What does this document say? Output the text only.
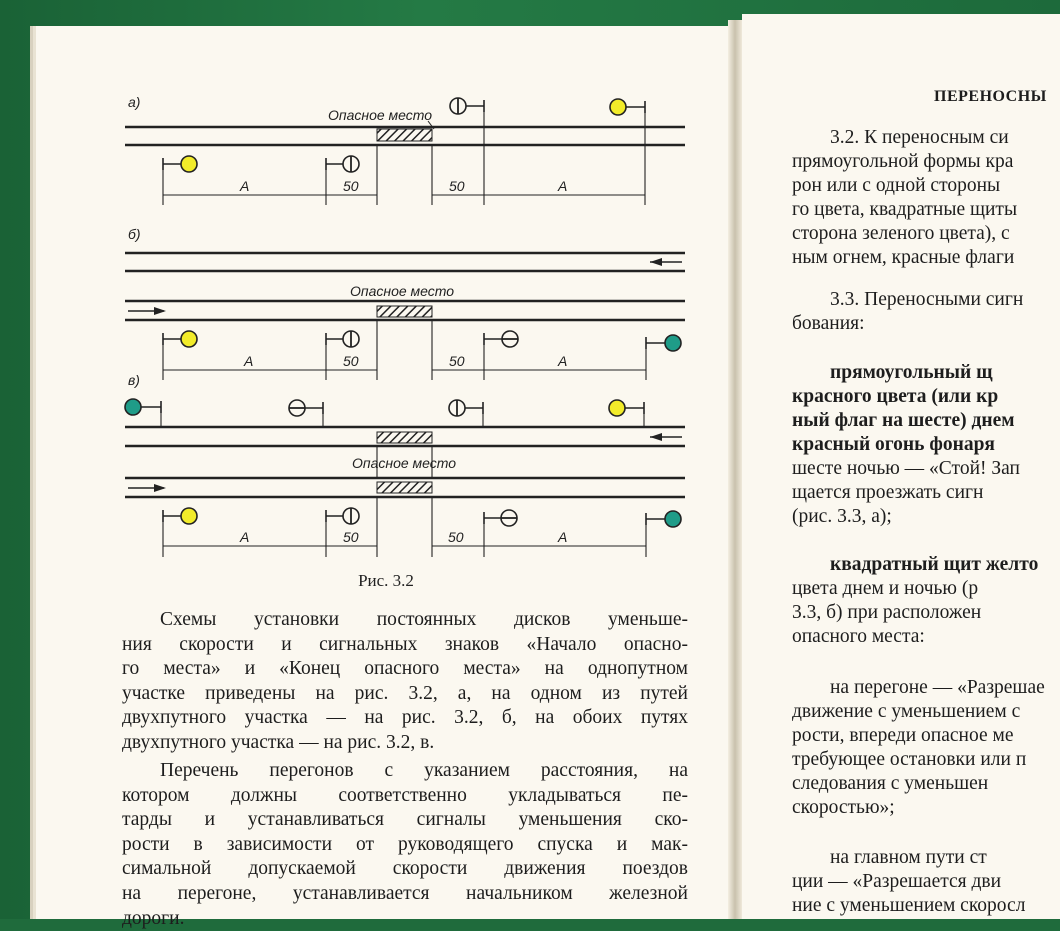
а)
Опасное место
A	50	50	A
б)
Опасное место
A	50	50	A
в)
Опасное место
A	50	50	A
Рис. 3.2
Схемы установки постоянных дисков уменьше-
ния скорости и сигнальных знаков «Начало опасно-
го места» и «Конец опасного места» на однопутном
участке приведены на рис. 3.2, а, на одном из путей
двухпутного участка — на рис. 3.2, б, на обоих путях
двухпутного участка — на рис. 3.2, в.
Перечень перегонов с указанием расстояния, на
котором должны соответственно укладываться пе-
тарды и устанавливаться сигналы уменьшения ско-
рости в зависимости от руководящего спуска и мак-
симальной допускаемой скорости движения поездов
на перегоне, устанавливается начальником железной
дороги.
ПЕРЕНОСНЫ
3.2. К переносным си
прямоугольной формы кра
рон или с одной стороны
го цвета, квадратные щиты
сторона зеленого цвета), с
ным огнем, красные флаги
3.3. Переносными сигн
бования:
прямоугольный щ
красного цвета (или кр
ный флаг на шесте) днем
красный огонь фонаря
шесте ночью — «Стой! Зап
щается проезжать сигн
(рис. 3.3, а);
квадратный щит желто
цвета днем и ночью (р
3.3, б) при расположен
опасного места:
на перегоне — «Разрешае
движение с уменьшением с
рости, впереди опасное ме
требующее остановки или п
следования с уменьшен
скоростью»;
на главном пути ст
ции — «Разрешается дви
ние с уменьшением скоросл
